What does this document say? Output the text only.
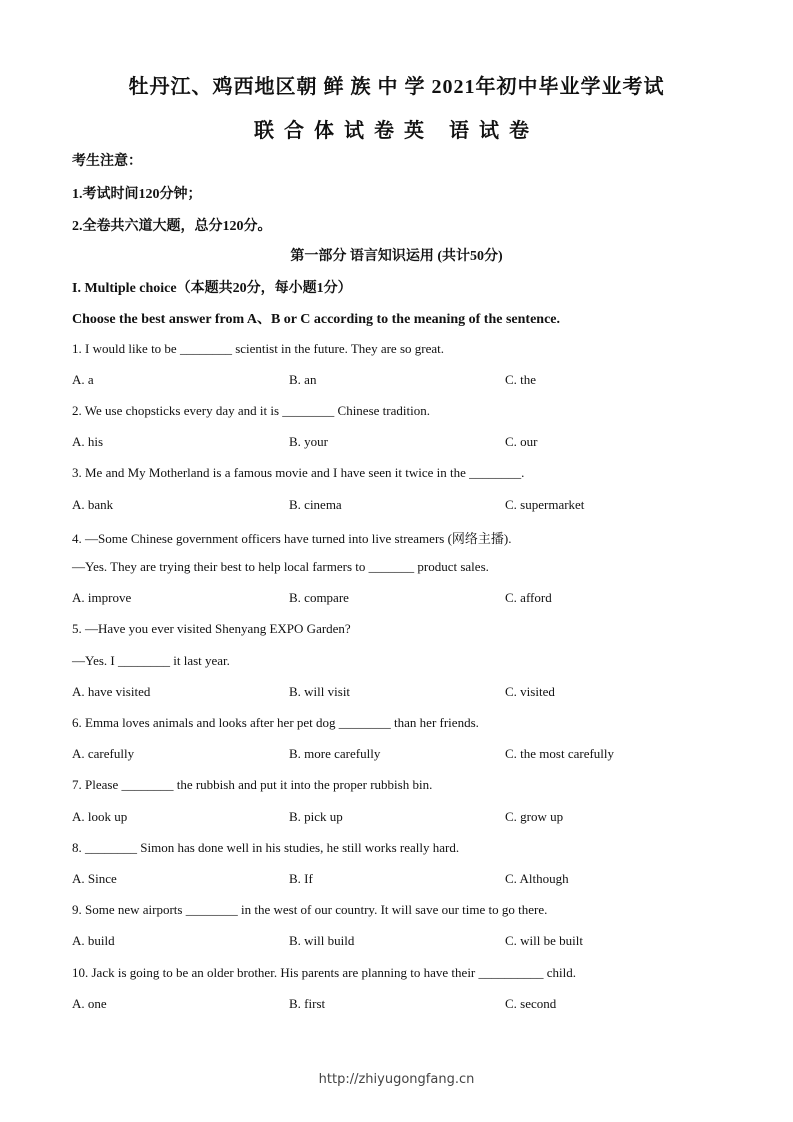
牡丹江、鸡西地区朝 鲜 族 中 学 2021年初中毕业学业考试
联合体试卷英 语试卷
考生注意：
1.考试时间120分钟；
2.全卷共六道大题，总分120分。
第一部分 语言知识运用 (共计50分)
I. Multiple choice（本题共20分，每小题1分）
Choose the best answer from A、B or C according to the meaning of the sentence.
1. I would like to be ________ scientist in the future. They are so great.
A. a	B. an	C. the
2. We use chopsticks every day and it is ________ Chinese tradition.
A. his	B. your	C. our
3. Me and My Motherland is a famous movie and I have seen it twice in the ________.
A. bank	B. cinema	C. supermarket
4. —Some Chinese government officers have turned into live streamers (网络主播).
—Yes. They are trying their best to help local farmers to _______ product sales.
A. improve	B. compare	C. afford
5. —Have you ever visited Shenyang EXPO Garden?
—Yes. I ________ it last year.
A. have visited	B. will visit	C. visited
6. Emma loves animals and looks after her pet dog ________ than her friends.
A. carefully	B. more carefully	C. the most carefully
7. Please ________ the rubbish and put it into the proper rubbish bin.
A. look up	B. pick up	C. grow up
8. ________ Simon has done well in his studies, he still works really hard.
A. Since	B. If	C. Although
9. Some new airports ________ in the west of our country. It will save our time to go there.
A. build	B. will build	C. will be built
10. Jack is going to be an older brother. His parents are planning to have their __________ child.
A. one	B. first	C. second
http://zhiyugongfang.cn
